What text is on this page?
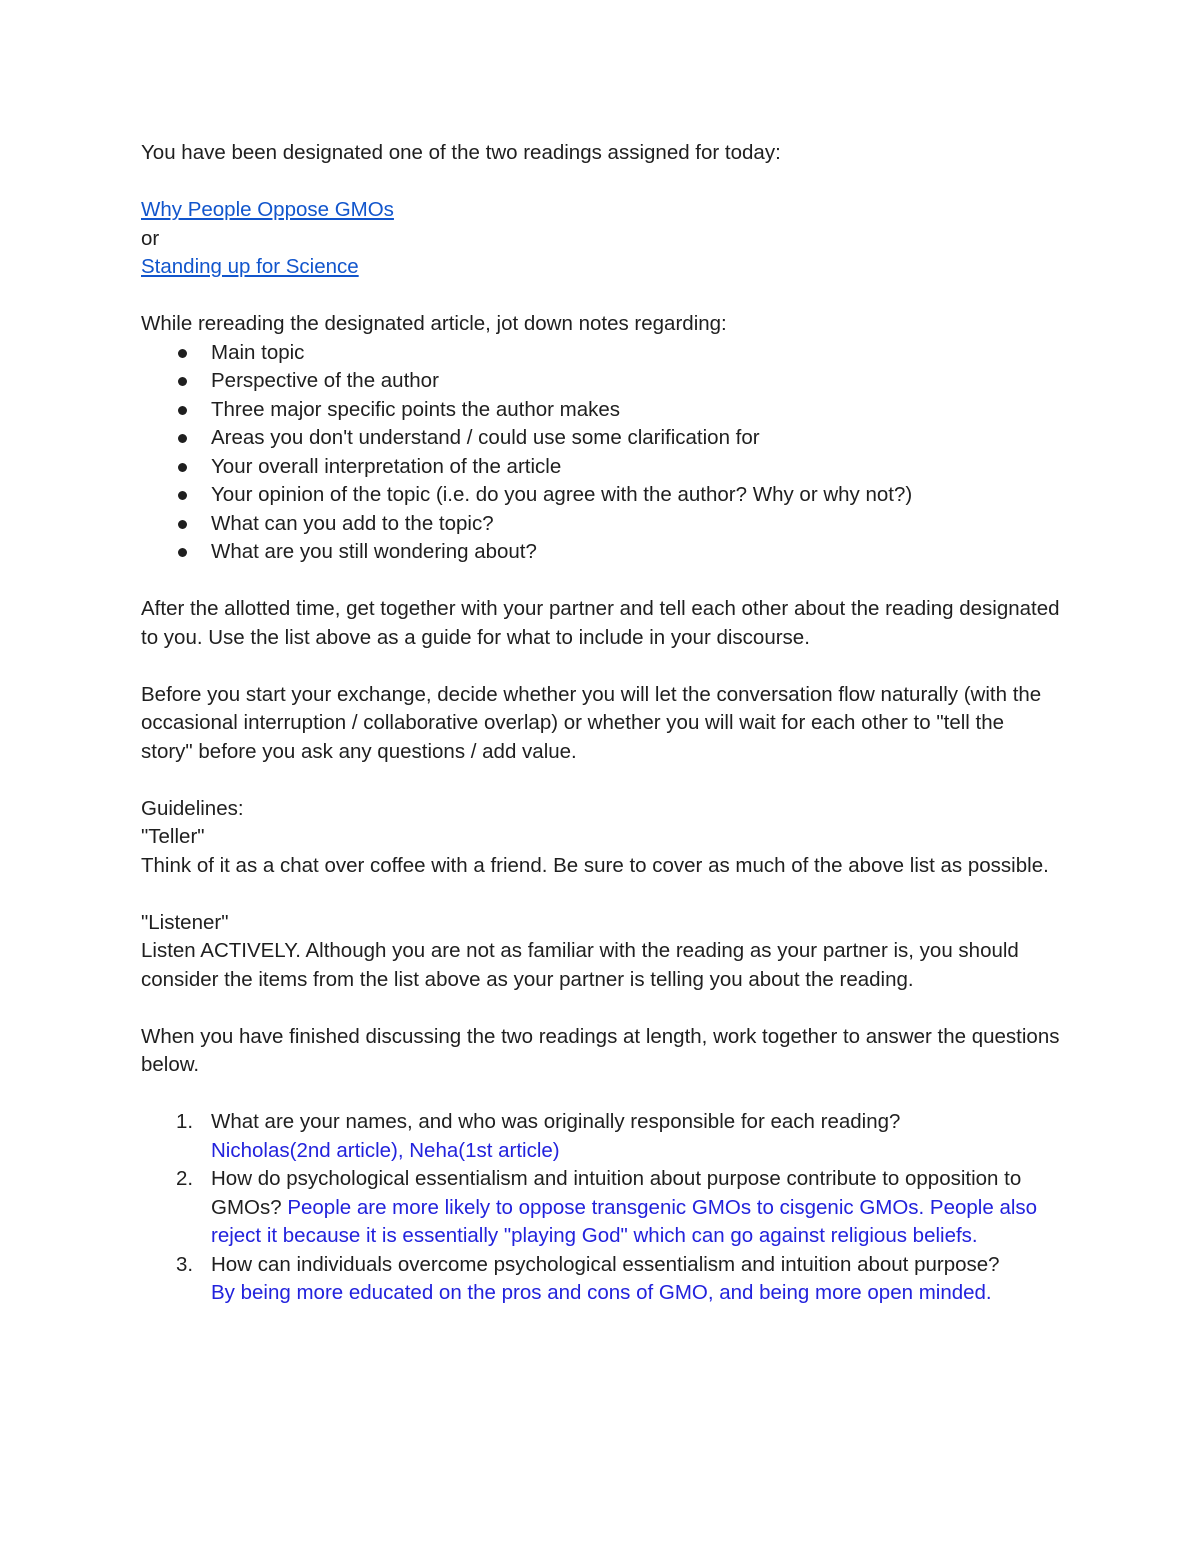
You have been designated one of the two readings assigned for today:

Why People Oppose GMOs

or

Standing up for Science

While rereading the designated article, jot down notes regarding:

Main topic
Perspective of the author
Three major specific points the author makes
Areas you don't understand / could use some clarification for
Your overall interpretation of the article
Your opinion of the topic (i.e. do you agree with the author? Why or why not?)
What can you add to the topic?
What are you still wondering about?

After the allotted time, get together with your partner and tell each other about the reading designated to you. Use the list above as a guide for what to include in your discourse.

Before you start your exchange, decide whether you will let the conversation flow naturally (with the occasional interruption / collaborative overlap) or whether you will wait for each other to "tell the story" before you ask any questions / add value.

Guidelines:

"Teller"

Think of it as a chat over coffee with a friend. Be sure to cover as much of the above list as possible.

"Listener"

Listen ACTIVELY. Although you are not as familiar with the reading as your partner is, you should consider the items from the list above as your partner is telling you about the reading.

When you have finished discussing the two readings at length, work together to answer the questions below.

1. What are your names, and who was originally responsible for each reading?
Nicholas(2nd article), Neha(1st article)
2. How do psychological essentialism and intuition about purpose contribute to opposition to GMOs? People are more likely to oppose transgenic GMOs to cisgenic GMOs. People also reject it because it is essentially "playing God" which can go against religious beliefs.
3. How can individuals overcome psychological essentialism and intuition about purpose?
By being more educated on the pros and cons of GMO, and being more open minded.
